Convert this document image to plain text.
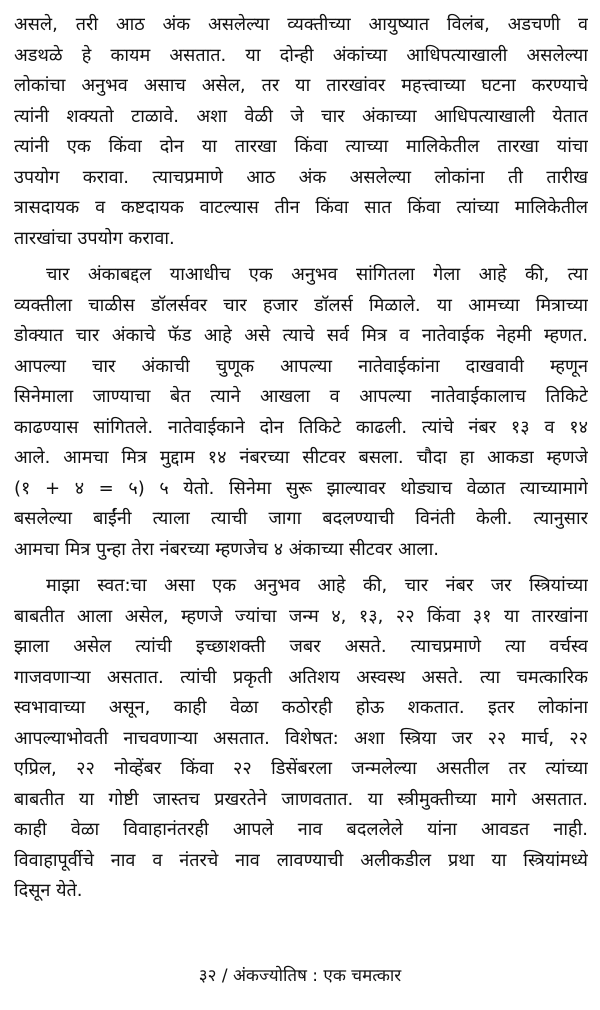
असले, तरी आठ अंक असलेल्या व्यक्तीच्या आयुष्यात विलंब, अडचणी व
अडथळे हे कायम असतात. या दोन्ही अंकांच्या आधिपत्याखाली असलेल्या
लोकांचा अनुभव असाच असेल, तर या तारखांवर महत्त्वाच्या घटना करण्याचे
त्यांनी शक्यतो टाळावे. अशा वेळी जे चार अंकाच्या आधिपत्याखाली येतात
त्यांनी एक किंवा दोन या तारखा किंवा त्याच्या मालिकेतील तारखा यांचा
उपयोग करावा. त्याचप्रमाणे आठ अंक असलेल्या लोकांना ती तारीख
त्रासदायक व कष्टदायक वाटल्यास तीन किंवा सात किंवा त्यांच्या मालिकेतील
तारखांचा उपयोग करावा.
चार अंकाबद्दल याआधीच एक अनुभव सांगितला गेला आहे की, त्या
व्यक्तीला चाळीस डॉलर्सवर चार हजार डॉलर्स मिळाले. या आमच्या मित्राच्या
डोक्यात चार अंकाचे फॅड आहे असे त्याचे सर्व मित्र व नातेवाईक नेहमी म्हणत.
आपल्या चार अंकाची चुणूक आपल्या नातेवाईकांना दाखवावी म्हणून
सिनेमाला जाण्याचा बेत त्याने आखला व आपल्या नातेवाईकालाच तिकिटे
काढण्यास सांगितले. नातेवाईकाने दोन तिकिटे काढली. त्यांचे नंबर १३ व १४
आले. आमचा मित्र मुद्दाम १४ नंबरच्या सीटवर बसला. चौदा हा आकडा म्हणजे
(१ + ४ = ५) ५ येतो. सिनेमा सुरू झाल्यावर थोड्याच वेळात त्याच्यामागे
बसलेल्या बाईंनी त्याला त्याची जागा बदलण्याची विनंती केली. त्यानुसार
आमचा मित्र पुन्हा तेरा नंबरच्या म्हणजेच ४ अंकाच्या सीटवर आला.
माझा स्वत:चा असा एक अनुभव आहे की, चार नंबर जर स्त्रियांच्या
बाबतीत आला असेल, म्हणजे ज्यांचा जन्म ४, १३, २२ किंवा ३१ या तारखांना
झाला असेल त्यांची इच्छाशक्ती जबर असते. त्याचप्रमाणे त्या वर्चस्व
गाजवणाऱ्या असतात. त्यांची प्रकृती अतिशय अस्वस्थ असते. त्या चमत्कारिक
स्वभावाच्या असून, काही वेळा कठोरही होऊ शकतात. इतर लोकांना
आपल्याभोवती नाचवणाऱ्या असतात. विशेषत: अशा स्त्रिया जर २२ मार्च, २२
एप्रिल, २२ नोव्हेंबर किंवा २२ डिसेंबरला जन्मलेल्या असतील तर त्यांच्या
बाबतीत या गोष्टी जास्तच प्रखरतेने जाणवतात. या स्त्रीमुक्तीच्या मागे असतात.
काही वेळा विवाहानंतरही आपले नाव बदललेले यांना आवडत नाही.
विवाहापूर्वीचे नाव व नंतरचे नाव लावण्याची अलीकडील प्रथा या स्त्रियांमध्ये
दिसून येते.
३२ / अंकज्योतिष : एक चमत्कार
